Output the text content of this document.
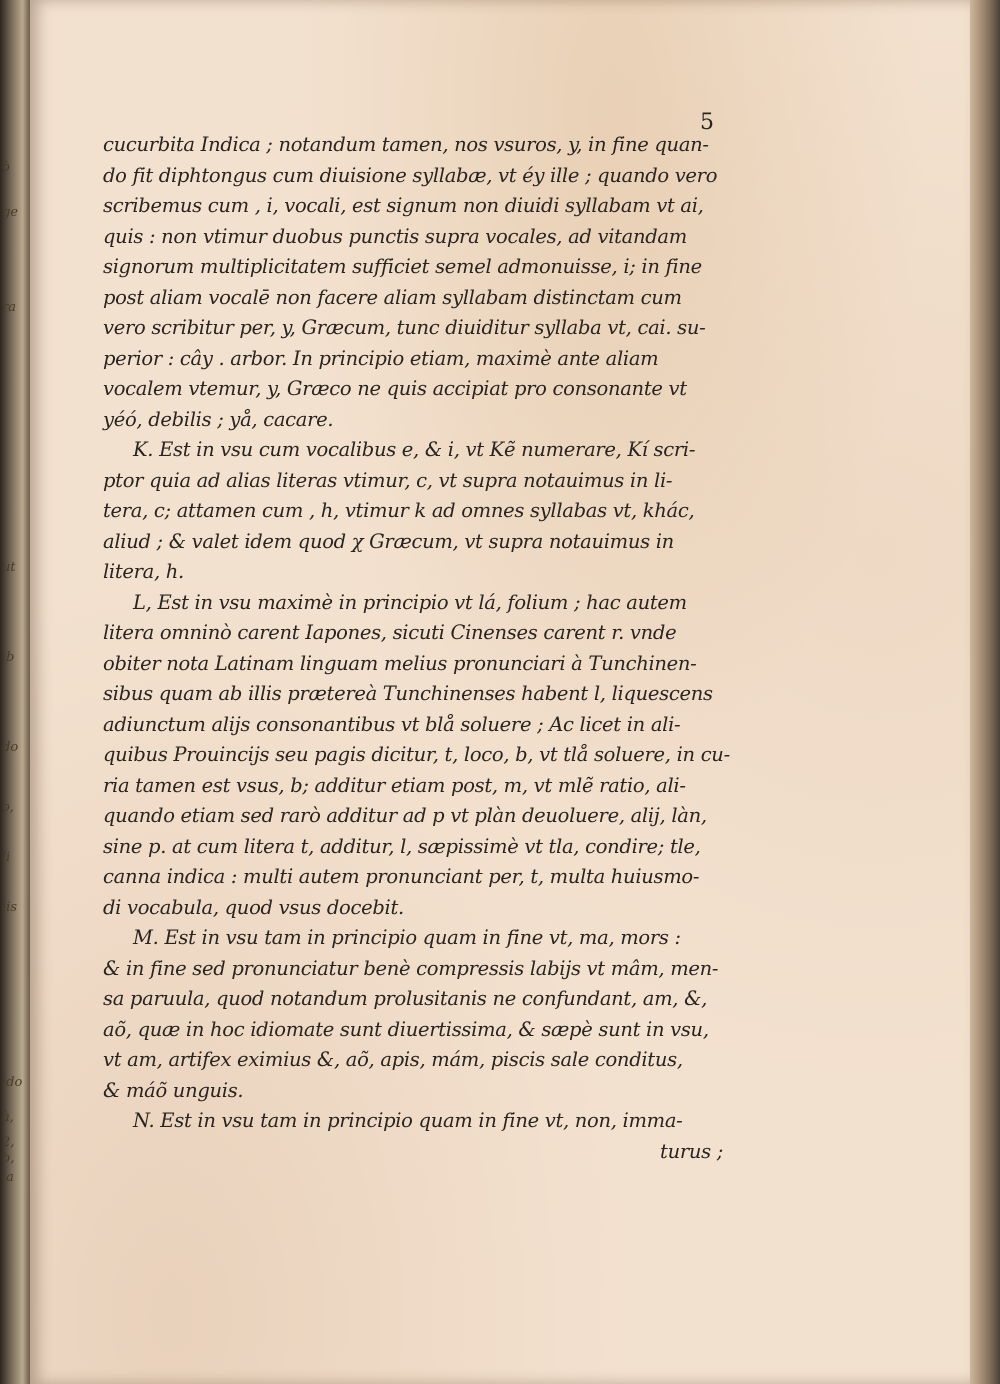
ò
ge
ra
ut
ib
do
o,
li
iis
ido
à,
2, b,
ia
5
cucurbita Indica ; notandum tamen, nos vsuros, y, in fine quan-
do fit diphtongus cum diuisione syllabæ, vt éy ille ; quando vero
scribemus cum , i, vocali, est signum non diuidi syllabam vt ai,
quis : non vtimur duobus punctis supra vocales, ad vitandam
signorum multiplicitatem sufficiet semel admonuisse, i; in fine
post aliam vocalē non facere aliam syllabam distinctam cum
vero scribitur per, y, Græcum, tunc diuiditur syllaba vt, cai. su-
perior : cây . arbor. In principio etiam, maximè ante aliam
vocalem vtemur, y, Græco ne quis accipiat pro consonante vt
yéó, debilis ; yå, cacare.
K. Est in vsu cum vocalibus e, & i, vt Kẽ numerare, Kí scri-
ptor quia ad alias literas vtimur, c, vt supra notauimus in li-
tera, c; attamen cum , h, vtimur k ad omnes syllabas vt, khác,
aliud ; & valet idem quod χ Græcum, vt supra notauimus in
litera, h.
L, Est in vsu maximè in principio vt lá, folium ; hac autem
litera omninò carent Iapones, sicuti Cinenses carent r. vnde
obiter nota Latinam linguam melius pronunciari à Tunchinen-
sibus quam ab illis prætereà Tunchinenses habent l, liquescens
adiunctum alijs consonantibus vt blå soluere ; Ac licet in ali-
quibus Prouincijs seu pagis dicitur, t, loco, b, vt tlå soluere, in cu-
ria tamen est vsus, b; additur etiam post, m, vt mlẽ ratio, ali-
quando etiam sed rarò additur ad p vt plàn deuoluere, alij, làn,
sine p. at cum litera t, additur, l, sæpissimè vt tla, condire; tle,
canna indica : multi autem pronunciant per, t, multa huiusmo-
di vocabula, quod vsus docebit.
M. Est in vsu tam in principio quam in fine vt, ma, mors :
& in fine sed pronunciatur benè compressis labijs vt mâm, men-
sa paruula, quod notandum prolusitanis ne confundant, am, &,
aõ, quæ in hoc idiomate sunt diuertissima, & sæpè sunt in vsu,
vt am, artifex eximius &, aõ, apis, mám, piscis sale conditus,
& máõ unguis.
N. Est in vsu tam in principio quam in fine vt, non, imma-
turus ;
